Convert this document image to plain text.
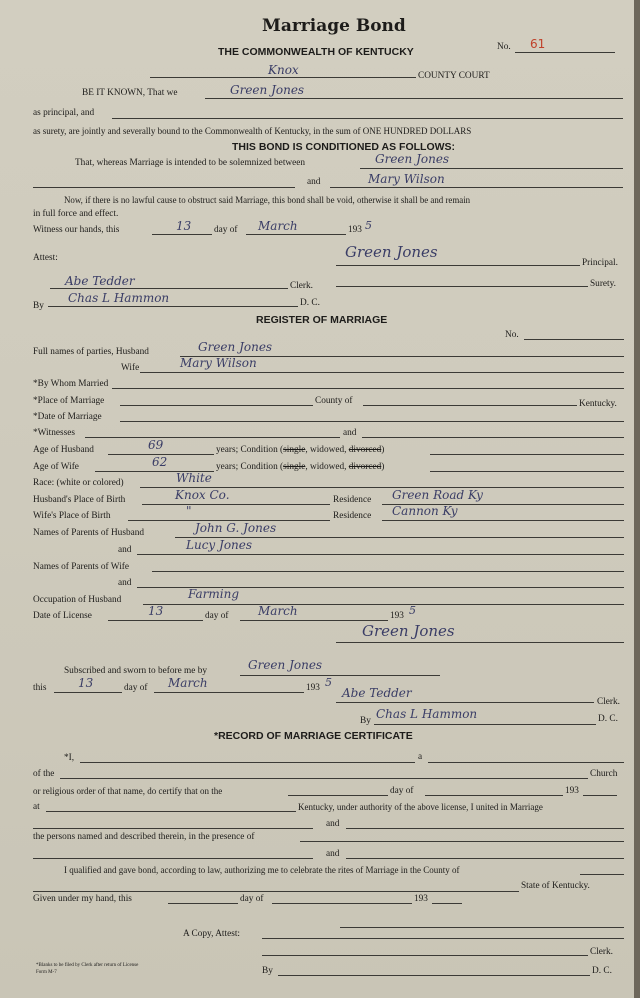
Marriage Bond
THE COMMONWEALTH OF KENTUCKY	No. 61
Knox	COUNTY COURT
BE IT KNOWN, That we	Green Jones
as principal, and
as surety, are jointly and severally bound to the Commonwealth of Kentucky, in the sum of ONE HUNDRED DOLLARS
THIS BOND IS CONDITIONED AS FOLLOWS:
That, whereas Marriage is intended to be solemnized between	Green Jones
and	Mary Wilson
Now, if there is no lawful cause to obstruct said Marriage, this bond shall be void, otherwise it shall be and remain
in full force and effect.
Witness our hands, this	13 day of March	193 5
Attest:	Green Jones
Principal.
Abe Tedder	Clerk.	Surety.
By
Chas L Hammon	D. C.
REGISTER OF MARRIAGE
No.
Full names of parties, Husband	Green Jones
Wife	Mary Wilson
*By Whom Married
*Place of Marriage	County of	Kentucky.
*Date of Marriage
*Witnesses	and
Age of Husband	69	years; Condition (single, widowed, divorced)
Age of Wife	62	years; Condition (single, widowed, divorced)
Race: (white or colored)	White
Husband's Place of Birth	Knox Co.	Residence Green Road Ky
Wife's Place of Birth	"	Residence Cannon Ky
Names of Parents of Husband	John G. Jones
and	Lucy Jones
Names of Parents of Wife
and
Occupation of Husband	Farming
Date of License	13	day of March	193 5
Green Jones
Subscribed and sworn to before me by	Green Jones
this	13	day of March	193 5
Abe Tedder
Clerk.
By Chas L Hammon	D. C.
*RECORD OF MARRIAGE CERTIFICATE
*I,	a
of the	Church
or religious order of that name, do certify that on the	day of	193
at	Kentucky, under authority of the above license, I united in Marriage
the persons named and described therein, in the presence of
and
and
I qualified and gave bond, according to law, authorizing me to celebrate the rites of Marriage in the County of
State of Kentucky.
Given under my hand, this	day of	193
A Copy, Attest:
Clerk.
*Blanks to be filed by Clerk after return of License
Form M-7	By	D. C.
